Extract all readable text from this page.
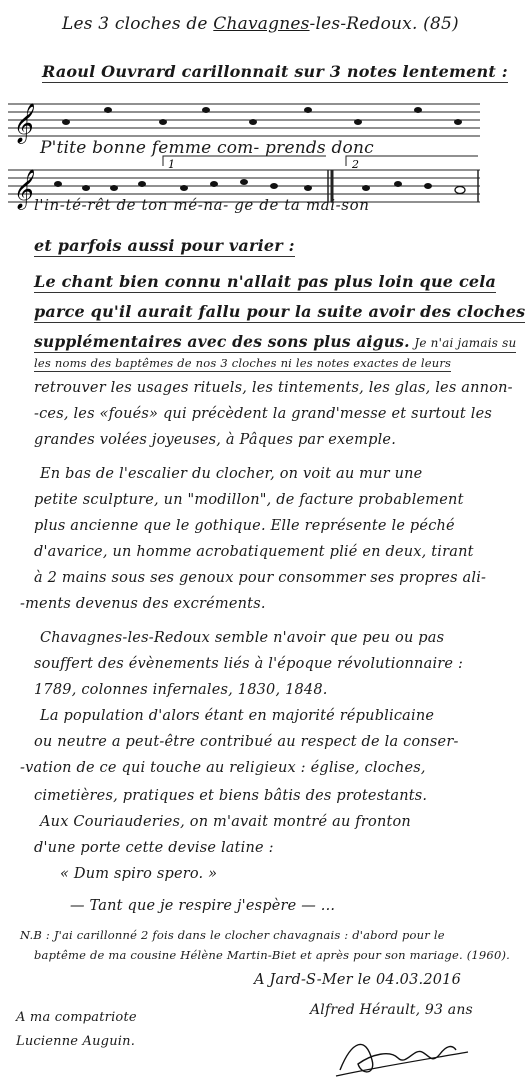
Les 3 cloches de Chavagnes-les-Redoux. (85)
Raoul Ouvrard carillonnait sur 3 notes lentement :
𝄞
P'tite bonne femme com- prends donc
𝄞
1	2
l'in-té-rêt de ton mé-na- ge de ta mai-son
et parfois aussi pour varier :
Le chant bien connu n'allait pas plus loin que cela
parce qu'il aurait fallu pour la suite avoir des cloches
supplémentaires avec des sons plus aigus. Je n'ai jamais su
les noms des baptêmes de nos 3 cloches ni les notes exactes de leurs
retrouver les usages rituels, les tintements, les glas, les annon-
-ces, les «foués» qui précèdent la grand'messe et surtout les
grandes volées joyeuses, à Pâques par exemple.
En bas de l'escalier du clocher, on voit au mur une
petite sculpture, un "modillon", de facture probablement
plus ancienne que le gothique. Elle représente le péché
d'avarice, un homme acrobatiquement plié en deux, tirant
à 2 mains sous ses genoux pour consommer ses propres ali-
-ments devenus des excréments.
Chavagnes-les-Redoux semble n'avoir que peu ou pas
souffert des évènements liés à l'époque révolutionnaire :
1789, colonnes infernales, 1830, 1848.
La population d'alors étant en majorité républicaine
ou neutre a peut-être contribué au respect de la conser-
-vation de ce qui touche au religieux : église, cloches,
cimetières, pratiques et biens bâtis des protestants.
Aux Couriauderies, on m'avait montré au fronton
d'une porte cette devise latine :
« Dum spiro spero. »
— Tant que je respire j'espère — ...
N.B : J'ai carillonné 2 fois dans le clocher chavagnais : d'abord pour le
baptême de ma cousine Hélène Martin-Biet et après pour son mariage. (1960).
A Jard-S-Mer le 04.03.2016
A ma compatriote
Lucienne Auguin.
Alfred Hérault, 93 ans
